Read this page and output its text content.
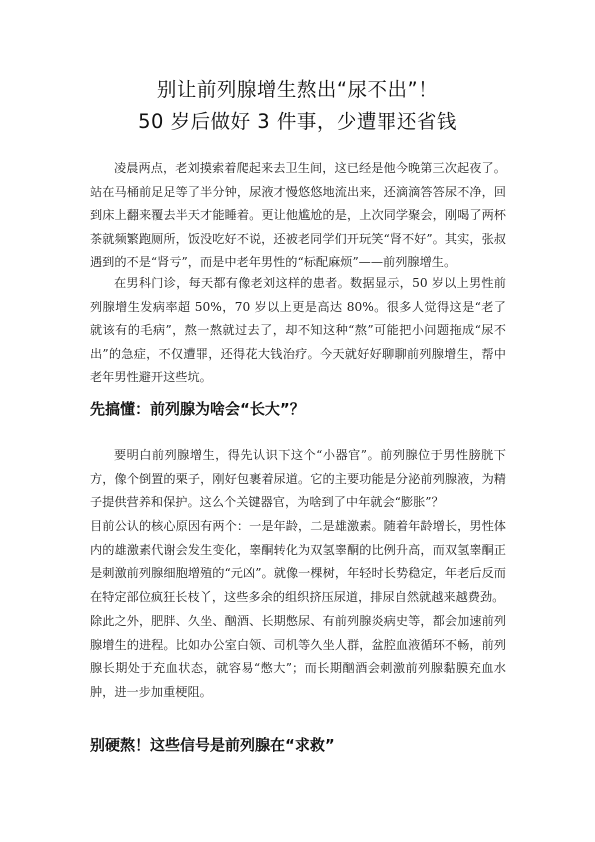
别让前列腺增生熬出“尿不出”！
50 岁后做好 3 件事，少遭罪还省钱

凌晨两点，老刘摸索着爬起来去卫生间，这已经是他今晚第三次起夜了。站在马桶前足足等了半分钟，尿液才慢悠悠地流出来，还滴滴答答尿不净，回到床上翻来覆去半天才能睡着。更让他尴尬的是，上次同学聚会，刚喝了两杯茶就频繁跑厕所，饭没吃好不说，还被老同学们开玩笑“肾不好”。其实，张叔遇到的不是“肾亏”，而是中老年男性的“标配麻烦”——前列腺增生。

在男科门诊，每天都有像老刘这样的患者。数据显示，50 岁以上男性前列腺增生发病率超 50%，70 岁以上更是高达 80%。很多人觉得这是“老了就该有的毛病”，熬一熬就过去了，却不知这种“熬”可能把小问题拖成“尿不出”的急症，不仅遭罪，还得花大钱治疗。今天就好好聊聊前列腺增生，帮中老年男性避开这些坑。

先搞懂：前列腺为啥会“长大”？

要明白前列腺增生，得先认识下这个“小器官”。前列腺位于男性膀胱下方，像个倒置的栗子，刚好包裹着尿道。它的主要功能是分泌前列腺液，为精子提供营养和保护。这么个关键器官，为啥到了中年就会“膨胀”？

目前公认的核心原因有两个：一是年龄，二是雄激素。随着年龄增长，男性体内的雄激素代谢会发生变化，睾酮转化为双氢睾酮的比例升高，而双氢睾酮正是刺激前列腺细胞增殖的“元凶”。就像一棵树，年轻时长势稳定，年老后反而在特定部位疯狂长枝丫，这些多余的组织挤压尿道，排尿自然就越来越费劲。

除此之外，肥胖、久坐、酗酒、长期憋尿、有前列腺炎病史等，都会加速前列腺增生的进程。比如办公室白领、司机等久坐人群，盆腔血液循环不畅，前列腺长期处于充血状态，就容易“憋大”；而长期酗酒会刺激前列腺黏膜充血水肿，进一步加重梗阻。

别硬熬！这些信号是前列腺在“求救”
